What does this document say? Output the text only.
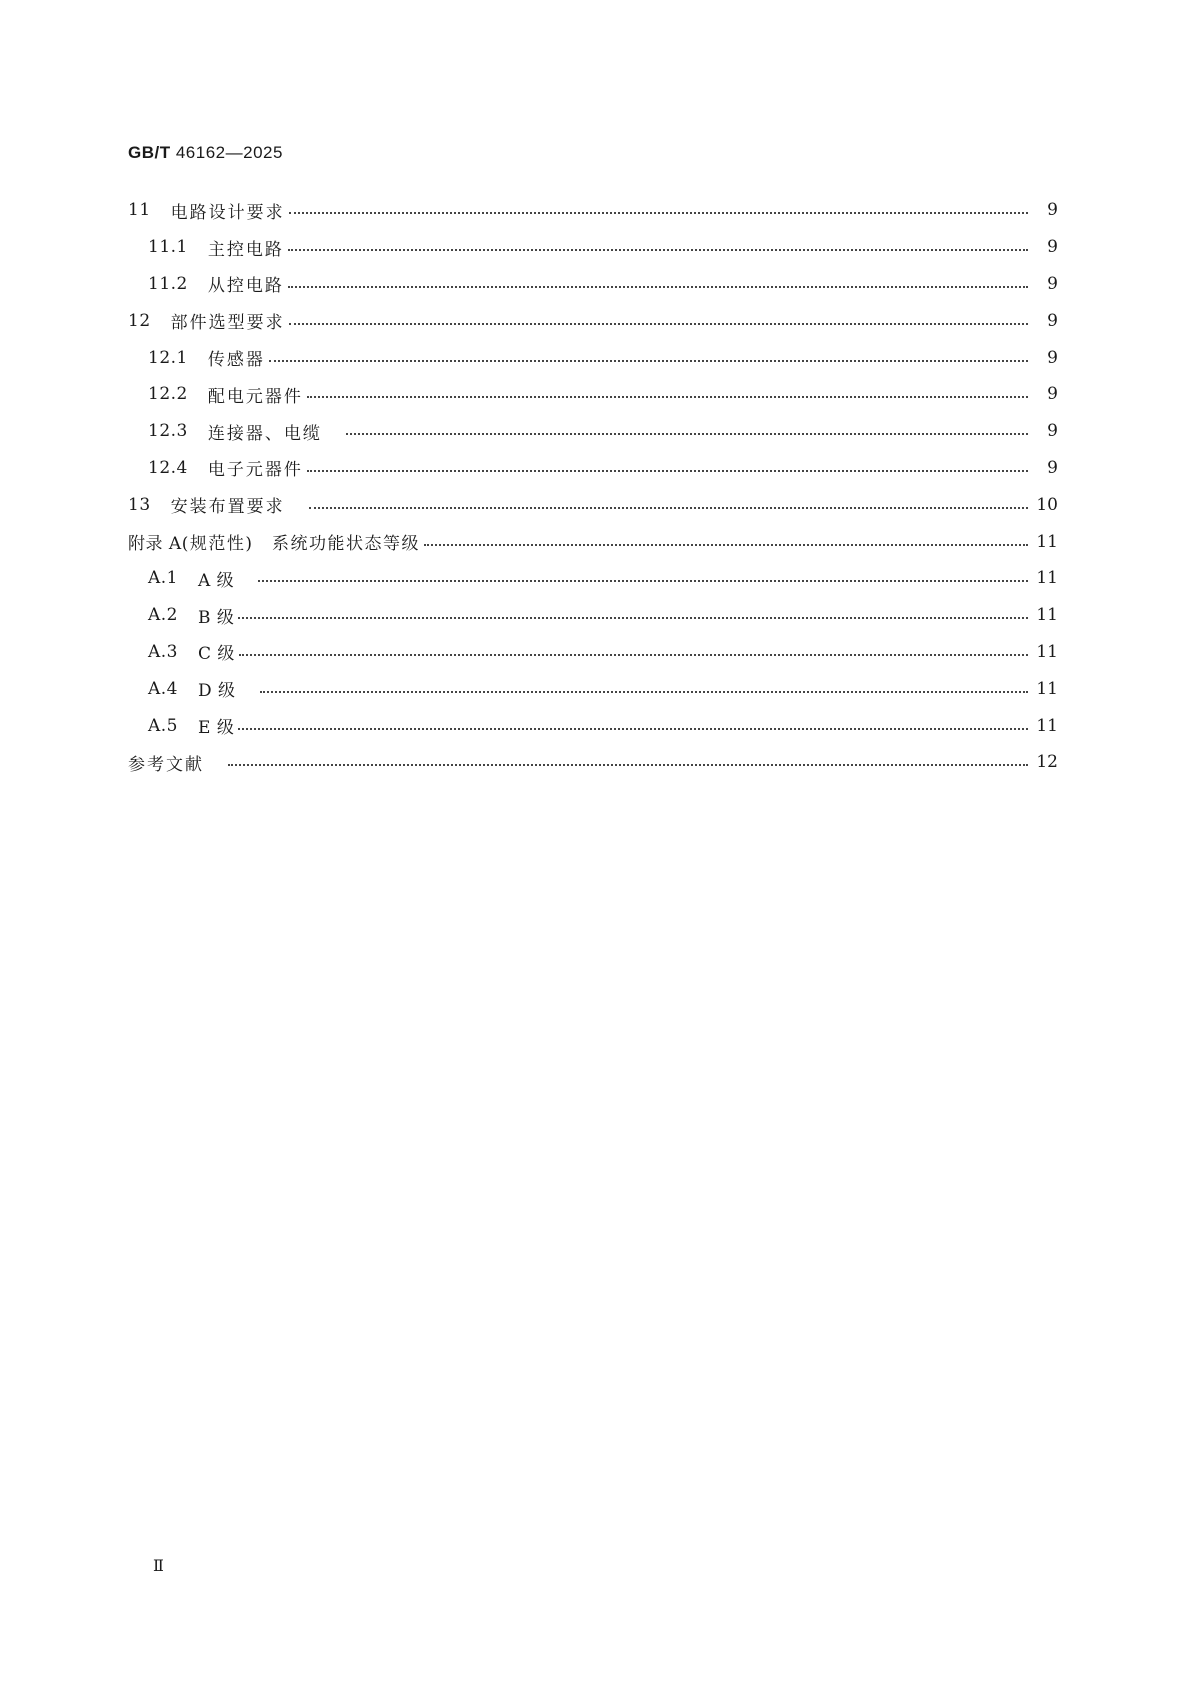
GB/T 46162—2025
11 电路设计要求	9
11.1 主控电路	9
11.2 从控电路	9
12 部件选型要求	9
12.1 传感器	9
12.2 配电元器件	9
12.3 连接器、电缆	9
12.4 电子元器件	9
13 安装布置要求	10
附录 A (规范性)　系统功能状态等级	11
A.1 A 级	11
A.2 B 级	11
A.3 C 级	11
A.4 D 级	11
A.5 E 级	11
参考文献	12
Ⅱ
